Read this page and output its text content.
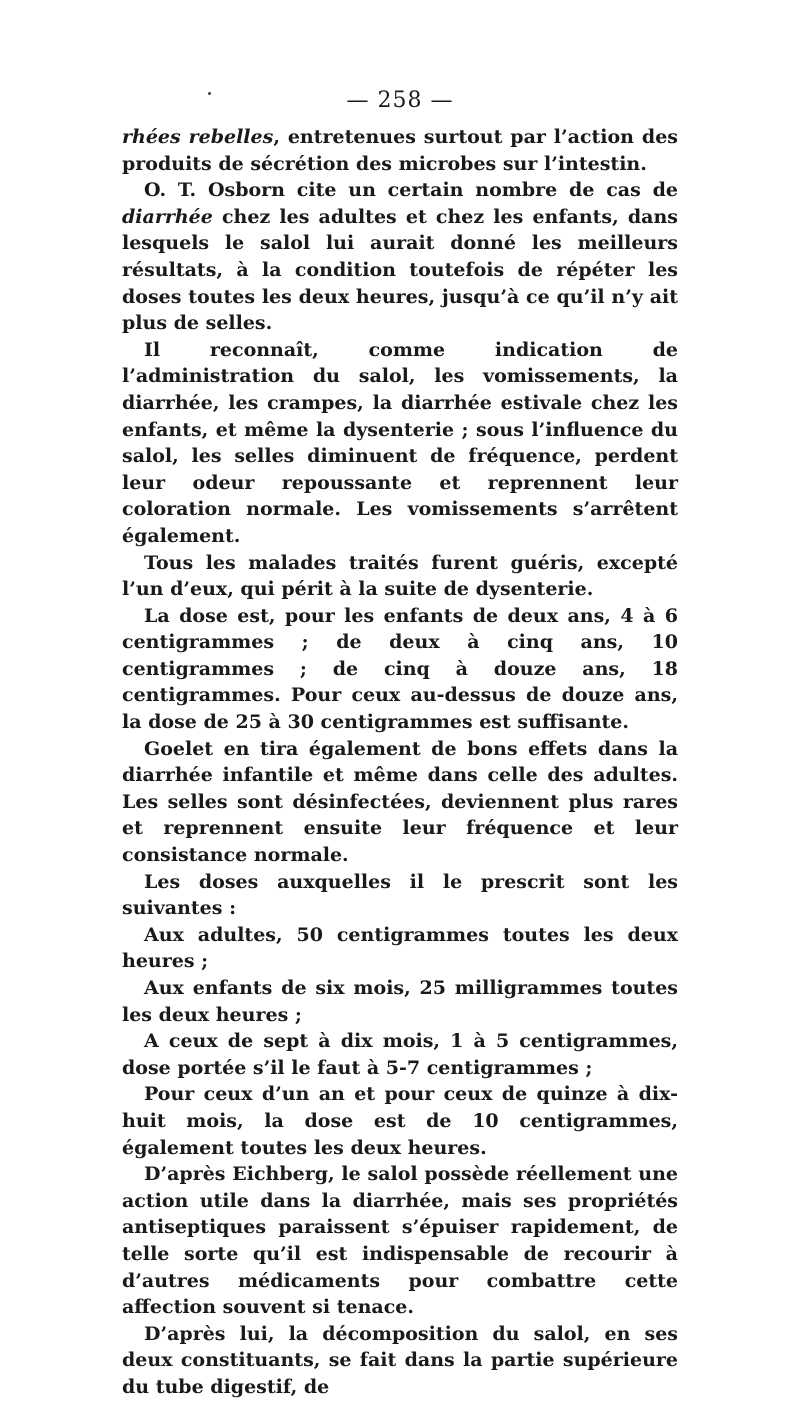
— 258 —

rhées rebelles, entretenues surtout par l’action des produits de sécrétion des microbes sur l’intestin.

O. T. Osborn cite un certain nombre de cas de diarrhée chez les adultes et chez les enfants, dans lesquels le salol lui aurait donné les meilleurs résultats, à la condition toutefois de répéter les doses toutes les deux heures, jusqu’à ce qu’il n’y ait plus de selles.

Il reconnaît, comme indication de l’administration du salol, les vomissements, la diarrhée, les crampes, la diarrhée estivale chez les enfants, et même la dysenterie ; sous l’influence du salol, les selles diminuent de fréquence, perdent leur odeur repoussante et reprennent leur coloration normale. Les vomissements s’arrêtent également.

Tous les malades traités furent guéris, excepté l’un d’eux, qui périt à la suite de dysenterie.

La dose est, pour les enfants de deux ans, 4 à 6 centigrammes ; de deux à cinq ans, 10 centigrammes ; de cinq à douze ans, 18 centigrammes. Pour ceux au-dessus de douze ans, la dose de 25 à 30 centigrammes est suffisante.

Goelet en tira également de bons effets dans la diarrhée infantile et même dans celle des adultes. Les selles sont désinfectées, deviennent plus rares et reprennent ensuite leur fréquence et leur consistance normale.

Les doses auxquelles il le prescrit sont les suivantes :

Aux adultes, 50 centigrammes toutes les deux heures ;

Aux enfants de six mois, 25 milligrammes toutes les deux heures ;

A ceux de sept à dix mois, 1 à 5 centigrammes, dose portée s’il le faut à 5-7 centigrammes ;

Pour ceux d’un an et pour ceux de quinze à dix-huit mois, la dose est de 10 centigrammes, également toutes les deux heures.

D’après Eichberg, le salol possède réellement une action utile dans la diarrhée, mais ses propriétés antiseptiques paraissent s’épuiser rapidement, de telle sorte qu’il est indispensable de recourir à d’autres médicaments pour combattre cette affection souvent si tenace.

D’après lui, la décomposition du salol, en ses deux constituants, se fait dans la partie supérieure du tube digestif, de
